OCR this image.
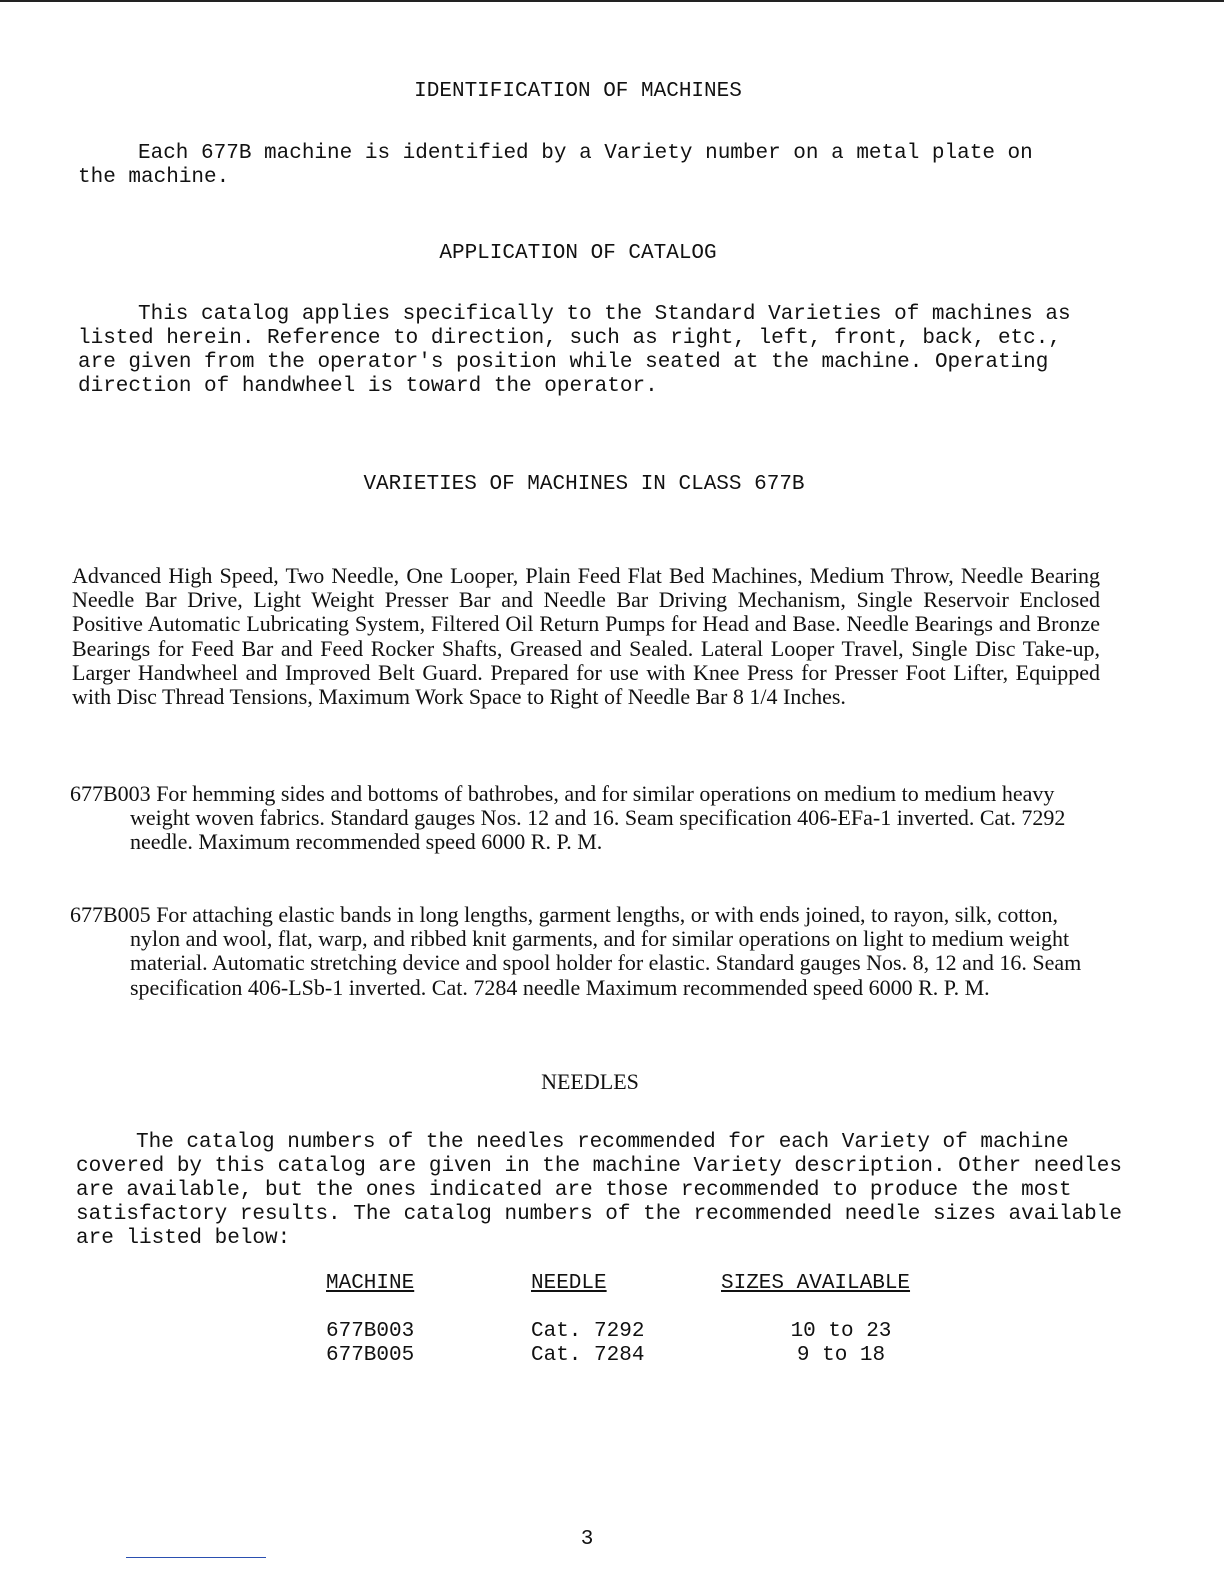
IDENTIFICATION OF MACHINES
Each 677B machine is identified by a Variety number on a metal plate on the machine.
APPLICATION OF CATALOG
This catalog applies specifically to the Standard Varieties of machines as listed herein. Reference to direction, such as right, left, front, back, etc., are given from the operator's position while seated at the machine. Operating direction of handwheel is toward the operator.
VARIETIES OF MACHINES IN CLASS 677B
Advanced High Speed, Two Needle, One Looper, Plain Feed Flat Bed Machines, Medium Throw, Needle Bearing Needle Bar Drive, Light Weight Presser Bar and Needle Bar Driving Mechanism, Single Reservoir Enclosed Positive Automatic Lubricating System, Filtered Oil Return Pumps for Head and Base. Needle Bearings and Bronze Bearings for Feed Bar and Feed Rocker Shafts, Greased and Sealed. Lateral Looper Travel, Single Disc Take-up, Larger Handwheel and Improved Belt Guard. Prepared for use with Knee Press for Presser Foot Lifter, Equipped with Disc Thread Tensions, Maximum Work Space to Right of Needle Bar 8 1/4 Inches.
677B003 For hemming sides and bottoms of bathrobes, and for similar operations on medium to medium heavy weight woven fabrics. Standard gauges Nos. 12 and 16. Seam specification 406-EFa-1 inverted. Cat. 7292 needle. Maximum recommended speed 6000 R. P. M.
677B005 For attaching elastic bands in long lengths, garment lengths, or with ends joined, to rayon, silk, cotton, nylon and wool, flat, warp, and ribbed knit garments, and for similar operations on light to medium weight material. Automatic stretching device and spool holder for elastic. Standard gauges Nos. 8, 12 and 16. Seam specification 406-LSb-1 inverted. Cat. 7284 needle Maximum recommended speed 6000 R. P. M.
NEEDLES
The catalog numbers of the needles recommended for each Variety of machine covered by this catalog are given in the machine Variety description. Other needles are available, but the ones indicated are those recommended to produce the most satisfactory results. The catalog numbers of the recommended needle sizes available are listed below:
MACHINE	NEEDLE	SIZES AVAILABLE
677B003	Cat. 7292	10 to 23
677B005	Cat. 7284	9 to 18
3
